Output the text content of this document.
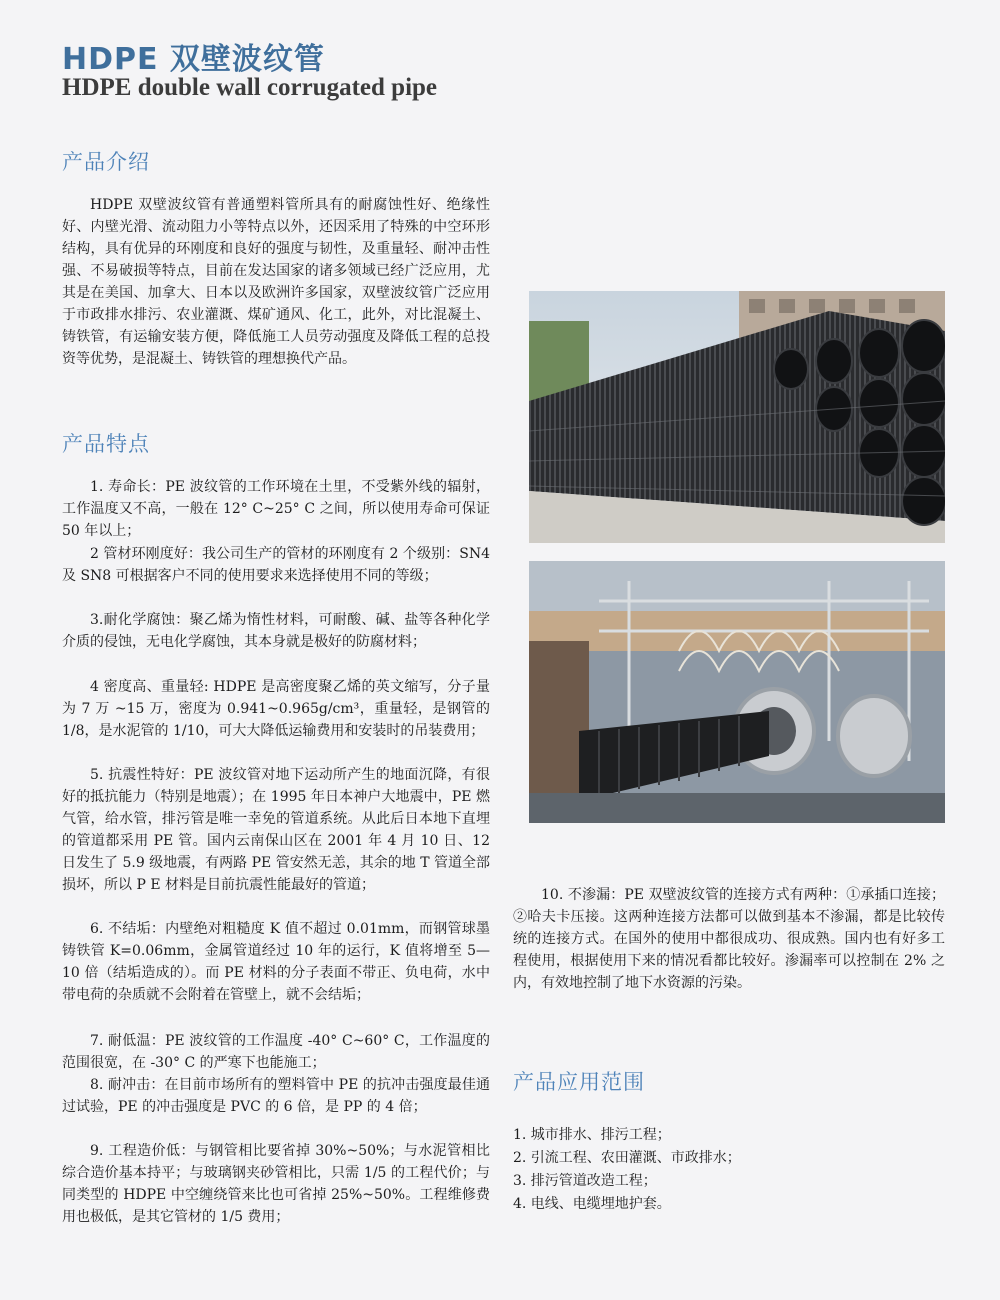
HDPE 双壁波纹管
HDPE double wall corrugated pipe
产品介绍

HDPE 双壁波纹管有普通塑料管所具有的耐腐蚀性好、绝缘性好、内壁光滑、流动阻力小等特点以外，还因采用了特殊的中空环形结构，具有优异的环刚度和良好的强度与韧性，及重量轻、耐冲击性强、不易破损等特点，目前在发达国家的诸多领域已经广泛应用，尤其是在美国、加拿大、日本以及欧洲许多国家，双壁波纹管广泛应用于市政排水排污、农业灌溉、煤矿通风、化工，此外，对比混凝土、铸铁管，有运输安装方便，降低施工人员劳动强度及降低工程的总投资等优势，是混凝土、铸铁管的理想换代产品。

产品特点

1. 寿命长：PE 波纹管的工作环境在土里，不受紫外线的辐射，工作温度又不高，一般在 12° C~25° C 之间，所以使用寿命可保证 50 年以上；

2 管材环刚度好：我公司生产的管材的环刚度有 2 个级别：SN4 及 SN8 可根据客户不同的使用要求来选择使用不同的等级；

3.耐化学腐蚀：聚乙烯为惰性材料，可耐酸、碱、盐等各种化学介质的侵蚀，无电化学腐蚀，其本身就是极好的防腐材料；

4 密度高、重量轻: HDPE 是高密度聚乙烯的英文缩写，分子量为 7 万 ~15 万，密度为 0.941~0.965g/cm³，重量轻，是钢管的 1/8，是水泥管的 1/10，可大大降低运输费用和安装时的吊装费用；

5. 抗震性特好：PE 波纹管对地下运动所产生的地面沉降，有很好的抵抗能力（特别是地震）；在 1995 年日本神户大地震中，PE 燃气管，给水管，排污管是唯一幸免的管道系统。从此后日本地下直埋的管道都采用 PE 管。国内云南保山区在 2001 年 4 月 10 日、12 日发生了 5.9 级地震，有两路 PE 管安然无恙，其余的地 T 管道全部损坏，所以 P E 材料是目前抗震性能最好的管道；

6. 不结垢：内壁绝对粗糙度 K 值不超过 0.01mm，而钢管球墨铸铁管 K=0.06mm，金属管道经过 10 年的运行，K 值将增至 5—10 倍（结垢造成的）。而 PE 材料的分子表面不带正、负电荷，水中带电荷的杂质就不会附着在管壁上，就不会结垢；

7. 耐低温：PE 波纹管的工作温度 -40° C~60° C，工作温度的范围很宽，在 -30° C 的严寒下也能施工；

8. 耐冲击：在目前市场所有的塑料管中 PE 的抗冲击强度最佳通过试验，PE 的冲击强度是 PVC 的 6 倍，是 PP 的 4 倍；

9. 工程造价低：与钢管相比要省掉 30%~50%；与水泥管相比综合造价基本持平；与玻璃钢夹砂管相比，只需 1/5 的工程代价；与同类型的 HDPE 中空缠绕管来比也可省掉 25%~50%。工程维修费用也极低，是其它管材的 1/5 费用；

10. 不渗漏：PE 双壁波纹管的连接方式有两种：①承插口连接；②哈夫卡压接。这两种连接方法都可以做到基本不渗漏，都是比较传统的连接方式。在国外的使用中都很成功、很成熟。国内也有好多工程使用，根据使用下来的情况看都比较好。渗漏率可以控制在 2% 之内，有效地控制了地下水资源的污染。

产品应用范围
1. 城市排水、排污工程；
2. 引流工程、农田灌溉、市政排水；
3. 排污管道改造工程；
4. 电线、电缆埋地护套。
